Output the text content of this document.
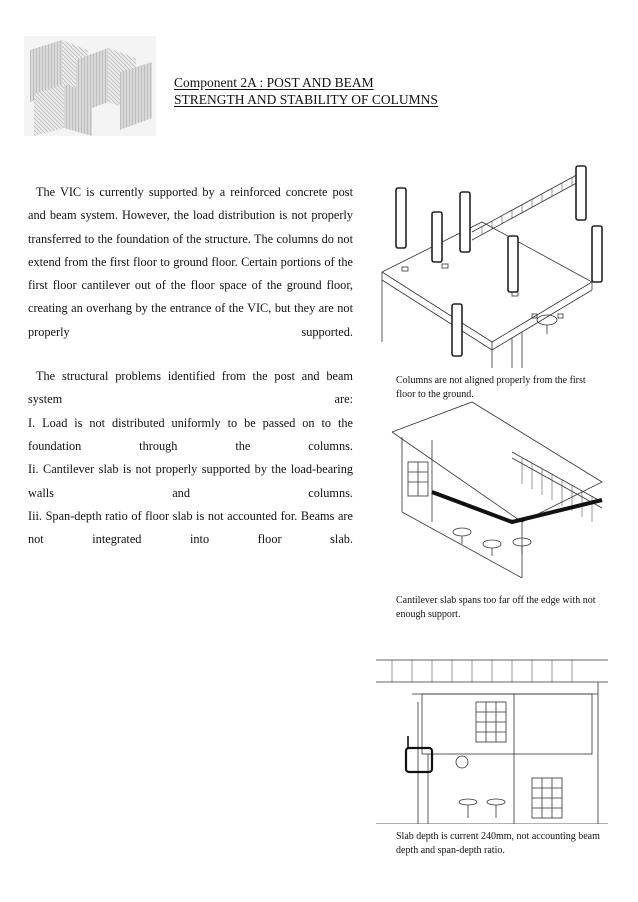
Component 2A : POST AND BEAM
STRENGTH AND STABILITY OF COLUMNS
The VIC is currently supported by a reinforced concrete post and beam system. However, the load distribution is not properly transferred to the foundation of the structure. The columns do not extend from the first floor to ground floor. Certain portions of the first floor cantilever out of the floor space of the ground floor, creating an overhang by the entrance of the VIC, but they are not properly supported.
The structural problems identified from the post and beam system are:
I. Load is not distributed uniformly to be passed on to the foundation through the columns.
Ii. Cantilever slab is not properly supported by the load-bearing walls and columns.
Iii. Span-depth ratio of floor slab is not accounted for. Beams are not integrated into floor slab.
Columns are not aligned properly from the first floor to the ground.
Cantilever slab spans too far off the edge with not enough support.
Slab depth is current 240mm, not accounting beam depth and span-depth ratio.
